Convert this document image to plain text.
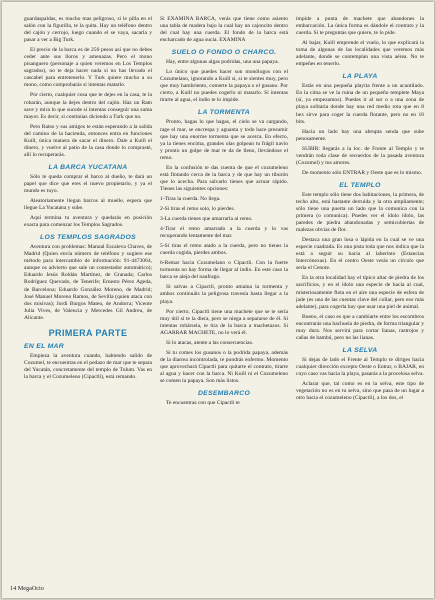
guardaspaldas, es mucho mas peligroso, si le pilla en el salón con la figurilla, te la quita. Hay un teléfono dentro del cajón y cerrojo, luego cuando el se vaya, sacarla y pasar a ver a Big Turk.

El precio de la barca es de 250 pesos así que no debes ceder ante sus lloros y amenazas. Pero el mono pisanguero (personaje a quien veremos en Los Templos sagrados), no te deja hacer nada si no has llevado el cascabel para entretenerlo. Y Turk quiere mucho a su mono, como comprobarás si intentas matarlo.

Por cierto, cualquier cosa que te dejes en la casa, te la robarán, aunque la dejes dentro del cajón. Haz un Ram save y mira lo que sucede si intentas conseguir una suma mayor. Es decir, si continúas diciendo a Turk que no.

Pero Ratso y sus amigos te están esperando a la salida del camino de la hacienda, entonces entra en funciones Kuill, única manera de sacar el dinero. Dale a Kuill el dinero, y vuelve al patio de la casa donde lo comprasté, allí lo recuperarás.

LA BARCA YUCATANA

Sólo te queda comprar el barco al dueño, te dará un papel que dice que eres el nuevo propietario, y ya el mundo es tuyo.

Aleatoriamente llegan barcos al muelle, espera que llegue La Yucatana y sube.

Aquí termina tu aventura y quedarás en posición exacta para comenzar los Templos Sagrados.

LOS TEMPLOS SAGRADOS

Aventura con problemas: Manual Escaleva Chaves, de Madrid (Quien envía número de teléfono y sugiere ese método para intercambio de información: 91-4473064, aunque os advierto que sale un contestador automático); Eduardo Jesús Roldán Martínez, de Granada; Carlos Rodríguez Quevado, de Tenerife; Ernesto Pérez Ageda, de Barcelona; Eduardo González Moreno, de Madrid; José Manuel Moreno Ramos, de Sevilla (quien ataca con dos misivas); Jordi Burgos Mateu, de Andorra; Vicente Julia Vives, de Valencia y Mercedes Gil Andreu, de Alicante.

PRIMERA PARTE
EN EL MAR

Empieza la aventura cuando, habiendo salido de Cozumel, te encuentras en el pedazo de mar que te separa del Yucatán, concretamente del templo de Tulum. Vas en la barca y el Cozumeleno (Cipactli), está remando.

Si EXAMINA BARCA, verás que tiene como asiento una tabla de madera bajo la cual hay un cajoncito dentro del cual hay una cuerda. El fondo de la barca está encharcado de agua sucia. EXAMINA

SUELO O FONDO O CHARCO.

Hay, entre algunas algas podridas, una una papaya.

Lo único que puedes hacer son monólogos con el Cozumelano, ignorando a Kuill si, si te sientes muy, pero que muy hambriento, comerte la papaya o el gusano. Por cierto, a Kuill no puedes cogerlo ni matarlo. Si intentas tirarte al agua, el indio te lo impide.

LA TORMENTA

Pronto, hagas lo que hagas, el cielo se va cargando, rage el mar, se encrespa y aguanta y todo hace presumir que hay una enorme tormenta que se acerca. En efecto, ya la tienes encima, grandes olas golpean tu frágil navío y pronto un golpe de mar te da de lleno, llevándose el remo.

En la confusión te das cuenta de que el cozumeleno está flotando cerca de la barca y de que hay un tiburón que lo acecha. Para salvarlo tienes que actuar rápido. Tienes las siguientes opciones:

1-Tiras la cuerda. No llega.

2-Si tiras el remo solo, lo pierdes.

3-La cuerda tienes que amarrarla al remo.

4-Tirar el remo amarrado a la cuerda y lo vas recuperando lentamente del mar.

5-Si tiras el remo atado a la cuerda, pero no tienes la cuerda cogida, pierdes ambos.

6-Remar hacia Cozumelano o Cipactli. Con la fuerte tormenta no hay forma de llegar al indio. En este caso la barca se aleja del naufrago.

Si salvas a Cipactli, pronto amaina la tormenta y ambos continuáis la peligrosa travesía hasta llegar a la playa.

Por cierto, Cipactli tiene una machete que se te sería muy útil si te la diera, pero se niega a separarse de él. Si intentas robársela, te tira de la barca a machetazos. Si AGARRAR MACHETE, no lo verá él.

Si lo atacas, atente a las consecuencias.

Si tu comes los gusanos o la podrida papaya, además de la diarrea incontrolada, te pondrás enfermo. Momento que aprovechará Cipactli para quitarte el contrato, tirarte al agua y hacer con la barca. Ni Kuill ni el Cozumeleno se comen la papaya. Son más listos.

DESEMBARCO

Te encuentras con que Cipactli te

impide a punta de machete que abandones la embarcación. La única forma es dándole el contrato y la cuerda. Si te preguntas que quiere, te lo pide.

Al bajar, Kuill emprende el vuelo, lo que explicará la toma de algunas de las localidades que veremos más adelante, donde se contemplan una vista aérea. No te empeñes en tenerlo.

LA PLAYA

Estás en una pequeña playita frente a un acantilado. En la cima se ve la ruina de un pequeño templete Maya (sí, ya empezamos). Puedes ir al sur o a una zona de playa solitaria donde hay una red medio rota que en 8 hex sirve para coger la cuerda flotante, pero no en 16 bits.

Hacia un lado hay una abrupta senda que sube penosamente.

SUBIR: llegarás a la loc. de Frente al Templo y te vendrán toda clase de recuerdos de la pasada aventura (Cozumel) y tus amores.

De momento sólo ENTRAR y Oeste que es lo mismo.

EL TEMPLO

Este templo sólo tiene dos habitaciones, la primera, de techo alto, está bastante derruida y la otra ampliamente; sólo tiene una puerta un lado que la comunica con la primera (o comunica). Puedes ver el ídolo ídolo, las paredes de piedra abandonadas y semicubiertas de malezas obvias de flor.

Destaca una gran losa o lápida en la cual se ve una especie cuadrada. Es una pista toda que nos indica que la está a seguir su hacia al laberinto (Estancias Intercónexas). En el centro Oeste verás un círculo que sería el Cenote.

En la otra localidad hay el típico altar de piedra de los sacrificios, y en el ídolo una especie de hacia al cual, misteriosamente flota en el aire una especie de esfera de jade (es una de las cuentas clave del collar, pero eso más adelante), para cogerla hay que usar una piel de animal.

Bueno, el caso es que a cambiarte entre los escombros encontrarás una hachuela de piedra, de forma triangular y muy dura. Nos servirá para cortar lianas, rastrojos y cañas de bambú, pero no las lianas.

LA SELVA

Si dejas de lado el Frente al Templo te diriges hacia cualquier dirección excepto Oeste o Entrar, o BAJAR, en cuyo caso vas hacia la playa, pasarás a la procelosa selva.

Aclarar que, tal como es en la selva, este tipo de vegetación no es en tu selva, sino que pasa de un lugar a otro hacia el cozumeleno (Cipactli), a los dos, el

14 MegaOcio
